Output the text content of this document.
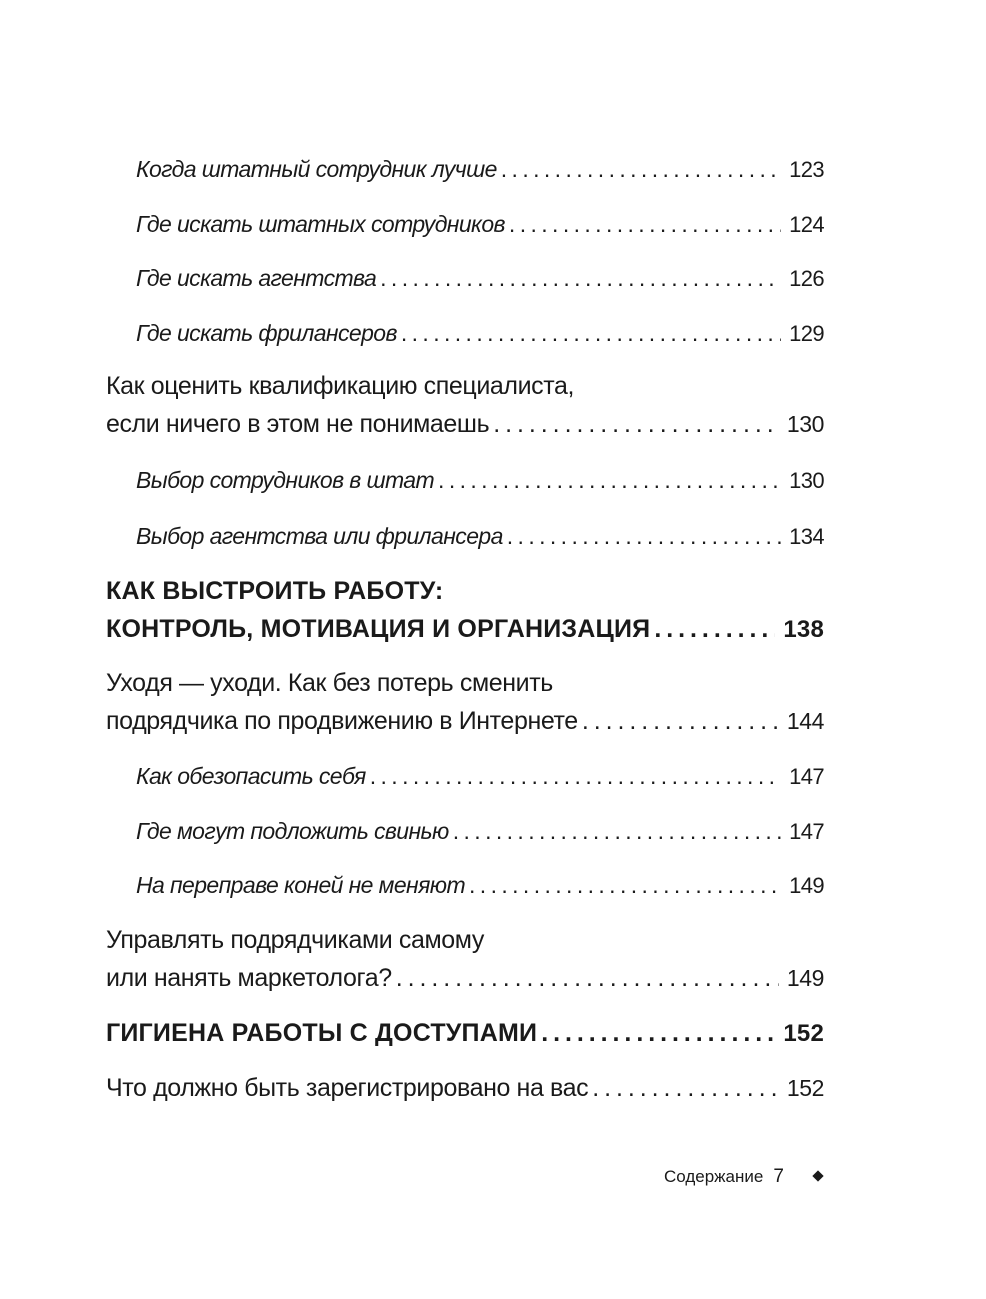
Когда штатный сотрудник лучше . . .	123
Где искать штатных сотрудников . . .	124
Где искать агентства . . .	126
Где искать фрилансеров . . .	129
Как оценить квалификацию специалиста,
если ничего в этом не понимаешь . . .	130
Выбор сотрудников в штат . . .	130
Выбор агентства или фрилансера . . .	134
КАК ВЫСТРОИТЬ РАБОТУ:
КОНТРОЛЬ, МОТИВАЦИЯ И ОРГАНИЗАЦИЯ . . .	138
Уходя — уходи. Как без потерь сменить
подрядчика по продвижению в Интернете . . .	144
Как обезопасить себя . . .	147
Где могут подложить свинью . . .	147
На переправе коней не меняют . . .	149
Управлять подрядчиками самому
или нанять маркетолога? . . .	149
ГИГИЕНА РАБОТЫ С ДОСТУПАМИ . . .	152
Что должно быть зарегистрировано на вас . . .	152
Содержание 7
